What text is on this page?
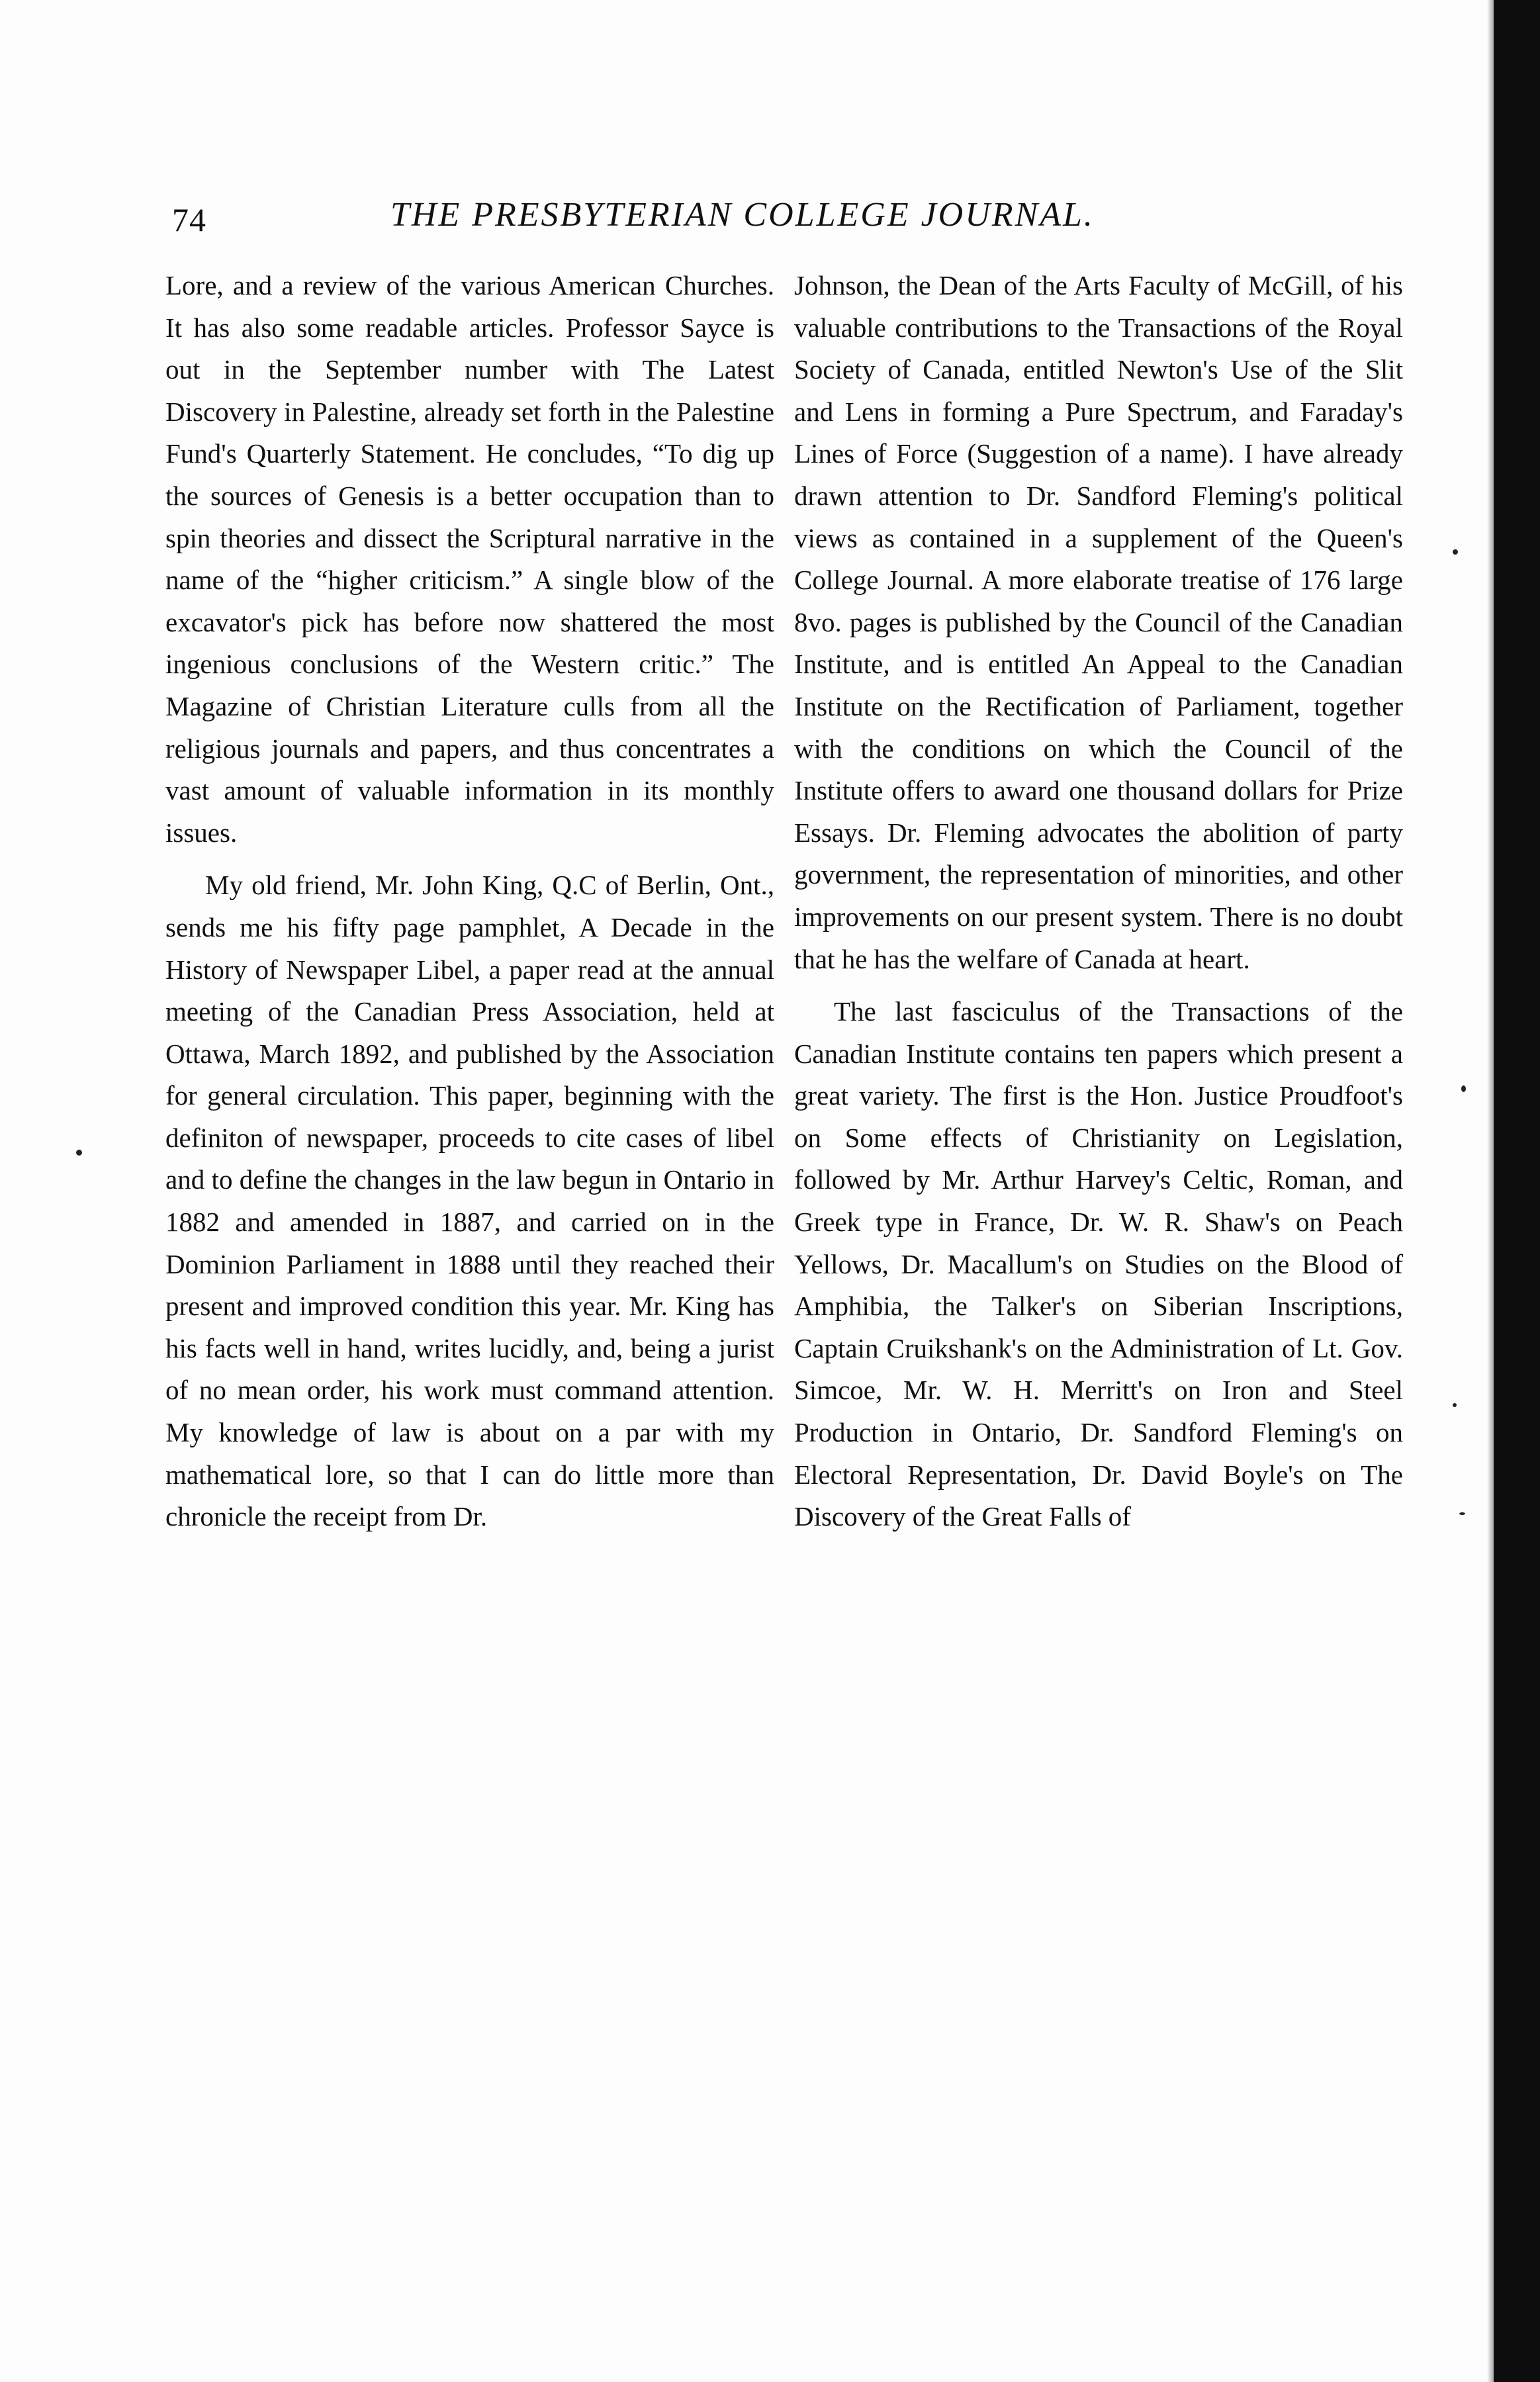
74	THE PRESBYTERIAN COLLEGE JOURNAL.

Lore, and a review of the various American Churches. It has also some readable articles. Professor Sayce is out in the September number with The Latest Discovery in Palestine, already set forth in the Palestine Fund's Quarterly Statement. He concludes, “To dig up the sources of Genesis is a better occupation than to spin theories and dissect the Scriptural narrative in the name of the “higher criticism.” A single blow of the excavator's pick has before now shattered the most ingenious conclusions of the Western critic.” The Magazine of Christian Literature culls from all the religious journals and papers, and thus concentrates a vast amount of valuable information in its monthly issues.

My old friend, Mr. John King, Q.C of Berlin, Ont., sends me his fifty page pamphlet, A Decade in the History of Newspaper Libel, a paper read at the annual meeting of the Canadian Press Association, held at Ottawa, March 1892, and published by the Association for general circulation. This paper, beginning with the definiton of newspaper, proceeds to cite cases of libel and to define the changes in the law begun in Ontario in 1882 and amended in 1887, and carried on in the Dominion Parliament in 1888 until they reached their present and improved condition this year. Mr. King has his facts well in hand, writes lucidly, and, being a jurist of no mean order, his work must command attention. My knowledge of law is about on a par with my mathematical lore, so that I can do little more than chronicle the receipt from Dr.

Johnson, the Dean of the Arts Faculty of McGill, of his valuable contributions to the Transactions of the Royal Society of Canada, entitled Newton's Use of the Slit and Lens in forming a Pure Spectrum, and Faraday's Lines of Force (Suggestion of a name). I have already drawn attention to Dr. Sandford Fleming's political views as contained in a supplement of the Queen's College Journal. A more elaborate treatise of 176 large 8vo. pages is published by the Council of the Canadian Institute, and is entitled An Appeal to the Canadian Institute on the Rectification of Parliament, together with the conditions on which the Council of the Institute offers to award one thousand dollars for Prize Essays. Dr. Fleming advocates the abolition of party government, the representation of minorities, and other improvements on our present system. There is no doubt that he has the welfare of Canada at heart.

The last fasciculus of the Transactions of the Canadian Institute contains ten papers which present a great variety. The first is the Hon. Justice Proudfoot's on Some effects of Christianity on Legislation, followed by Mr. Arthur Harvey's Celtic, Roman, and Greek type in France, Dr. W. R. Shaw's on Peach Yellows, Dr. Macallum's on Studies on the Blood of Amphibia, the Talker's on Siberian Inscriptions, Captain Cruikshank's on the Administration of Lt. Gov. Simcoe, Mr. W. H. Merritt's on Iron and Steel Production in Ontario, Dr. Sandford Fleming's on Electoral Representation, Dr. David Boyle's on The Discovery of the Great Falls of
